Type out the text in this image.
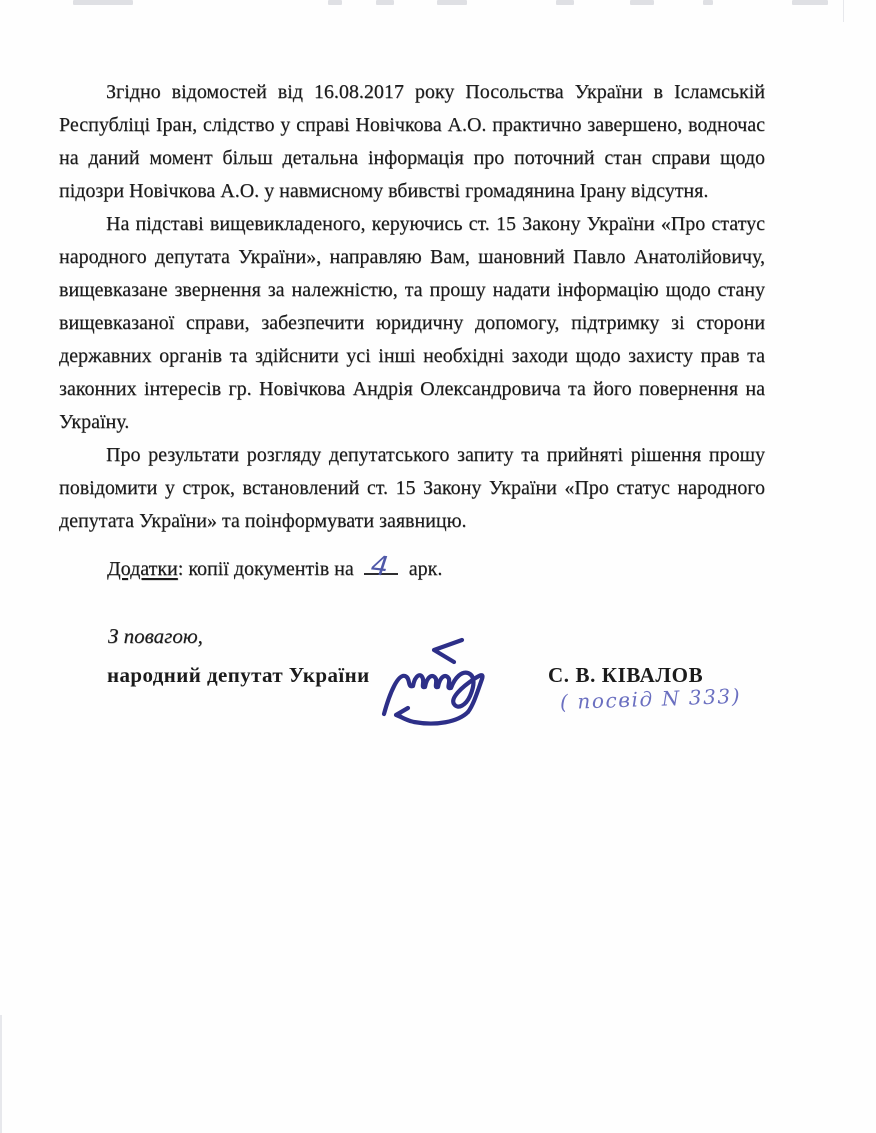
Згідно відомостей від 16.08.2017 року Посольства України в Ісламській Республіці Іран, слідство у справі Новічкова А.О. практично завершено, водночас на даний момент більш детальна інформація про поточний стан справи щодо підозри Новічкова А.О. у навмисному вбивстві громадянина Ірану відсутня.

На підставі вищевикладеного, керуючись ст. 15 Закону України «Про статус народного депутата України», направляю Вам, шановний Павло Анатолійовичу, вищевказане звернення за належністю, та прошу надати інформацію щодо стану вищевказаної справи, забезпечити юридичну допомогу, підтримку зі сторони державних органів та здійснити усі інші необхідні заходи щодо захисту прав та законних інтересів гр. Новічкова Андрія Олександровича та його повернення на Україну.

Про результати розгляду депутатського запиту та прийняті рішення прошу повідомити у строк, встановлений ст. 15 Закону України «Про статус народного депутата України» та поінформувати заявницю.

Додатки: копії документів на 4 арк.
З повагою,
народний депутат України	С. В. КІВАЛОВ
( посвід N 333)
